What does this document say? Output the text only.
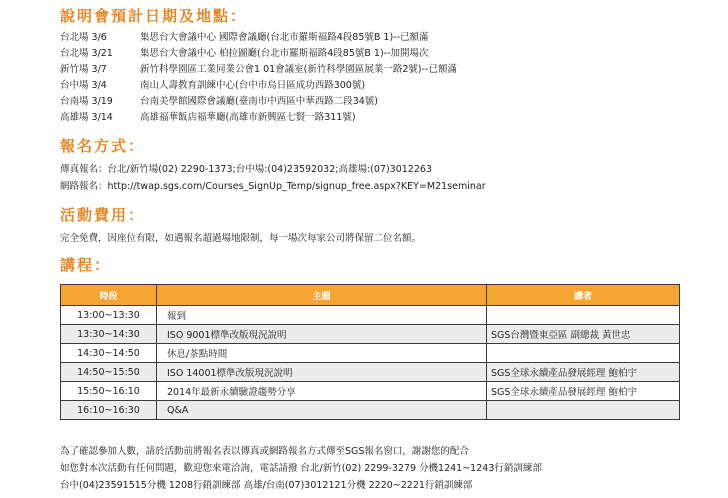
說明會預計日期及地點：
台北場 3/6	集思台大會議中心 國際會議廳(台北市羅斯福路4段85號B 1)--已額滿
台北場 3/21	集思台大會議中心 柏拉圖廳(台北市羅斯福路4段85號B 1)--加開場次
新竹場 3/7	新竹科學園區工業同業公會1 01會議室(新竹科學園區展業一路2號)--已額滿
台中場 3/4	南山人壽教育訓練中心(台中市烏日區成功西路300號)
台南場 3/19	台南美學館國際會議廳(臺南市中西區中華西路二段34號)
高雄場 3/14	高雄福華飯店福華廳(高雄市新興區七賢一路311號)
報名方式：
傳真報名：台北/新竹場(02) 2290-1373;台中場:(04)23592032;高雄場:(07)3012263
網路報名：http://twap.sgs.com/Courses_SignUp_Temp/signup_free.aspx?KEY=M21seminar
活動費用：
完全免費，因座位有限，如遇報名超過場地限制，每一場次每家公司將保留二位名額。
講程：
時段	主題	講者
13:00~13:30	報到	
13:30~14:30	ISO 9001標準改版現況說明	SGS台灣暨東亞區 副總裁 黃世忠
14:30~14:50	休息/茶點時間	
14:50~15:50	ISO 14001標準改版現況說明	SGS全球永續產品發展經理 鮑柏宇
15:50~16:10	2014年最新永續驗證趨勢分享	SGS全球永續產品發展經理 鮑柏宇
16:10~16:30	Q&A	
為了確認參加人數，請於活動前將報名表以傳真或網路報名方式傳至SGS報名窗口，謝謝您的配合
如您對本次活動有任何問題，歡迎您來電洽詢，電話請撥 台北/新竹(02) 2299-3279 分機1241~1243行銷訓練部
台中(04)23591515分機 1208行銷訓練部 高雄/台南(07)3012121分機 2220~2221行銷訓練部
